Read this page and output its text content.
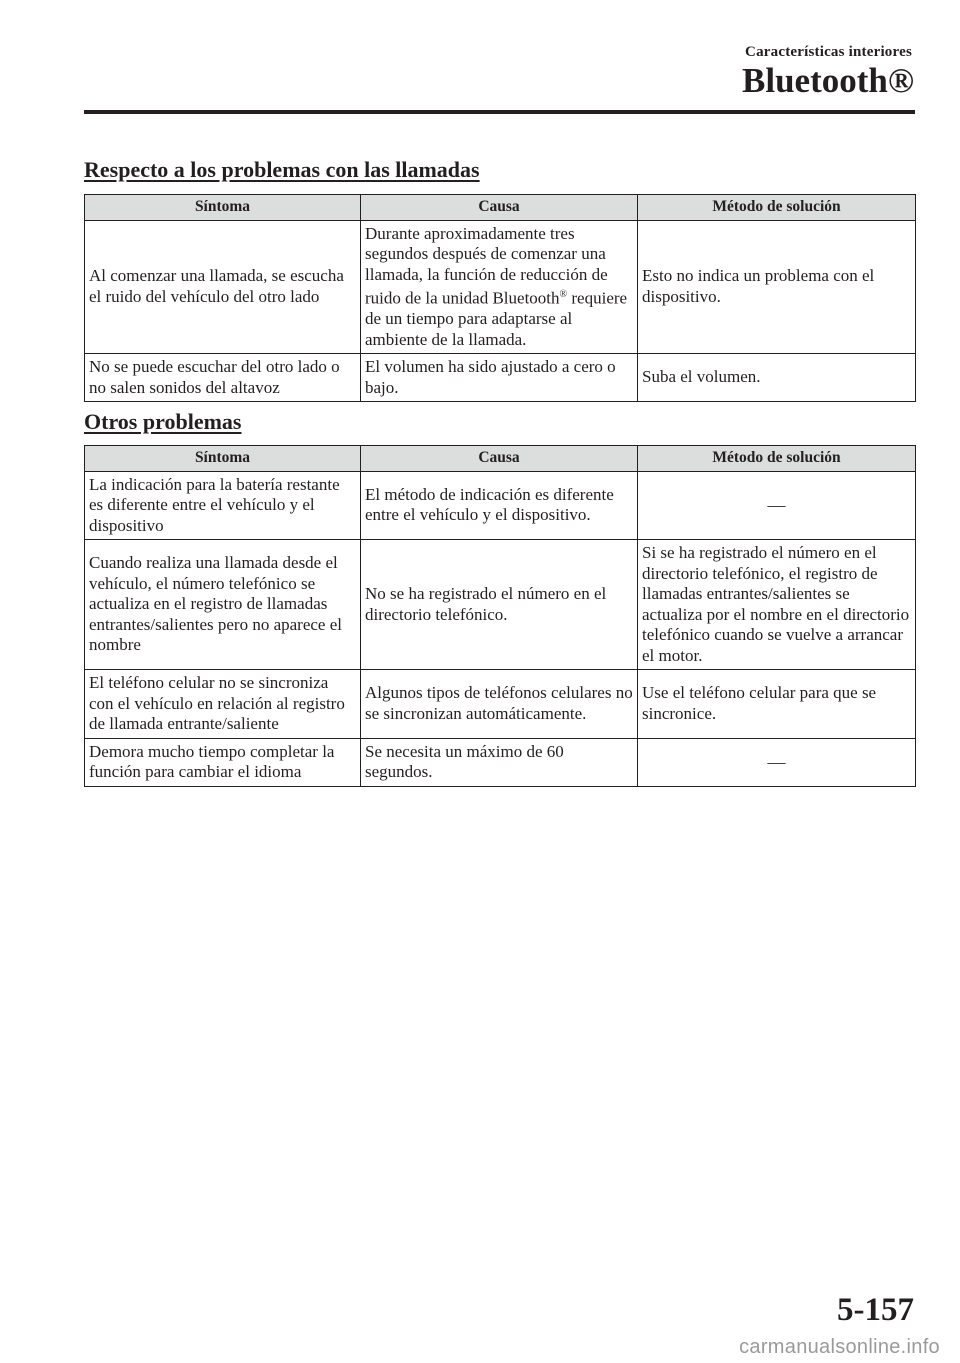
Características interiores
Bluetooth®
Respecto a los problemas con las llamadas
Síntoma	Causa	Método de solución
Al comenzar una llamada, se escucha el ruido del vehículo del otro lado	Durante aproximadamente tres segundos después de comenzar una llamada, la función de reducción de ruido de la unidad Bluetooth® requiere de un tiempo para adaptarse al ambiente de la llamada.	Esto no indica un problema con el dispositivo.
No se puede escuchar del otro lado o no salen sonidos del altavoz	El volumen ha sido ajustado a cero o bajo.	Suba el volumen.
Otros problemas
Síntoma	Causa	Método de solución
La indicación para la batería restante es diferente entre el vehículo y el dispositivo	El método de indicación es diferente entre el vehículo y el dispositivo.	—
Cuando realiza una llamada desde el vehículo, el número telefónico se actualiza en el registro de llamadas entrantes/salientes pero no aparece el nombre	No se ha registrado el número en el directorio telefónico.	Si se ha registrado el número en el directorio telefónico, el registro de llamadas entrantes/salientes se actualiza por el nombre en el directorio telefónico cuando se vuelve a arrancar el motor.
El teléfono celular no se sincroniza con el vehículo en relación al registro de llamada entrante/saliente	Algunos tipos de teléfonos celulares no se sincronizan automáticamente.	Use el teléfono celular para que se sincronice.
Demora mucho tiempo completar la función para cambiar el idioma	Se necesita un máximo de 60 segundos.	—
5-157
carmanualsonline.info
